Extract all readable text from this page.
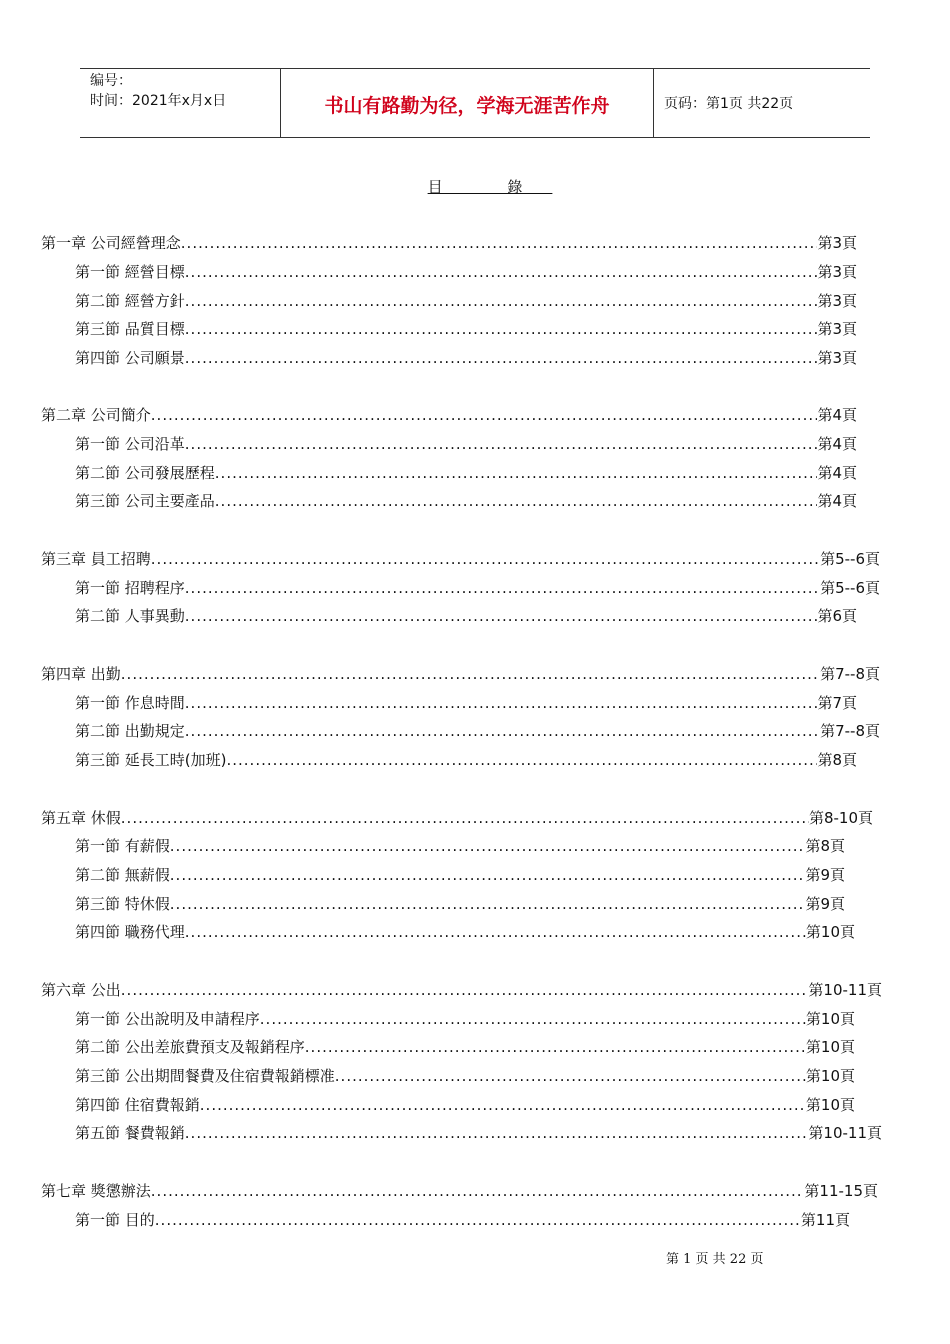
编号：
时间：2021年x月x日	书山有路勤为径，学海无涯苦作舟	页码：第1页 共22页
目 錄
第一章 公司經營理念 .....	第3頁
第一節 經營目標 .....	第3頁
第二節 經營方針 .....	第3頁
第三節 品質目標 .....	第3頁
第四節 公司願景 .....	第3頁
第二章 公司簡介 .....	第4頁
第一節 公司沿革 .....	第4頁
第二節 公司發展歷程 .....	第4頁
第三節 公司主要產品 .....	第4頁
第三章 員工招聘 .....	第5--6頁
第一節 招聘程序 .....	第5--6頁
第二節 人事異動 .....	第6頁
第四章 出勤 .....	第7--8頁
第一節 作息時間 .....	第7頁
第二節 出勤規定 .....	第7--8頁
第三節 延長工時(加班) .....	第8頁
第五章 休假 .....	第8-10頁
第一節 有薪假 .....	第8頁
第二節 無薪假 .....	第9頁
第三節 特休假 .....	第9頁
第四節 職務代理 .....	第10頁
第六章 公出 .....	第10-11頁
第一節 公出說明及申請程序 .....	第10頁
第二節 公出差旅費預支及報銷程序 .....	第10頁
第三節 公出期間餐費及住宿費報銷標准 .....	第10頁
第四節 住宿費報銷 .....	第10頁
第五節 餐費報銷 .....	第10-11頁
第七章 獎懲辦法 .....	第11-15頁
第一節 目的 .....	第11頁
第 1 页 共 22 页
